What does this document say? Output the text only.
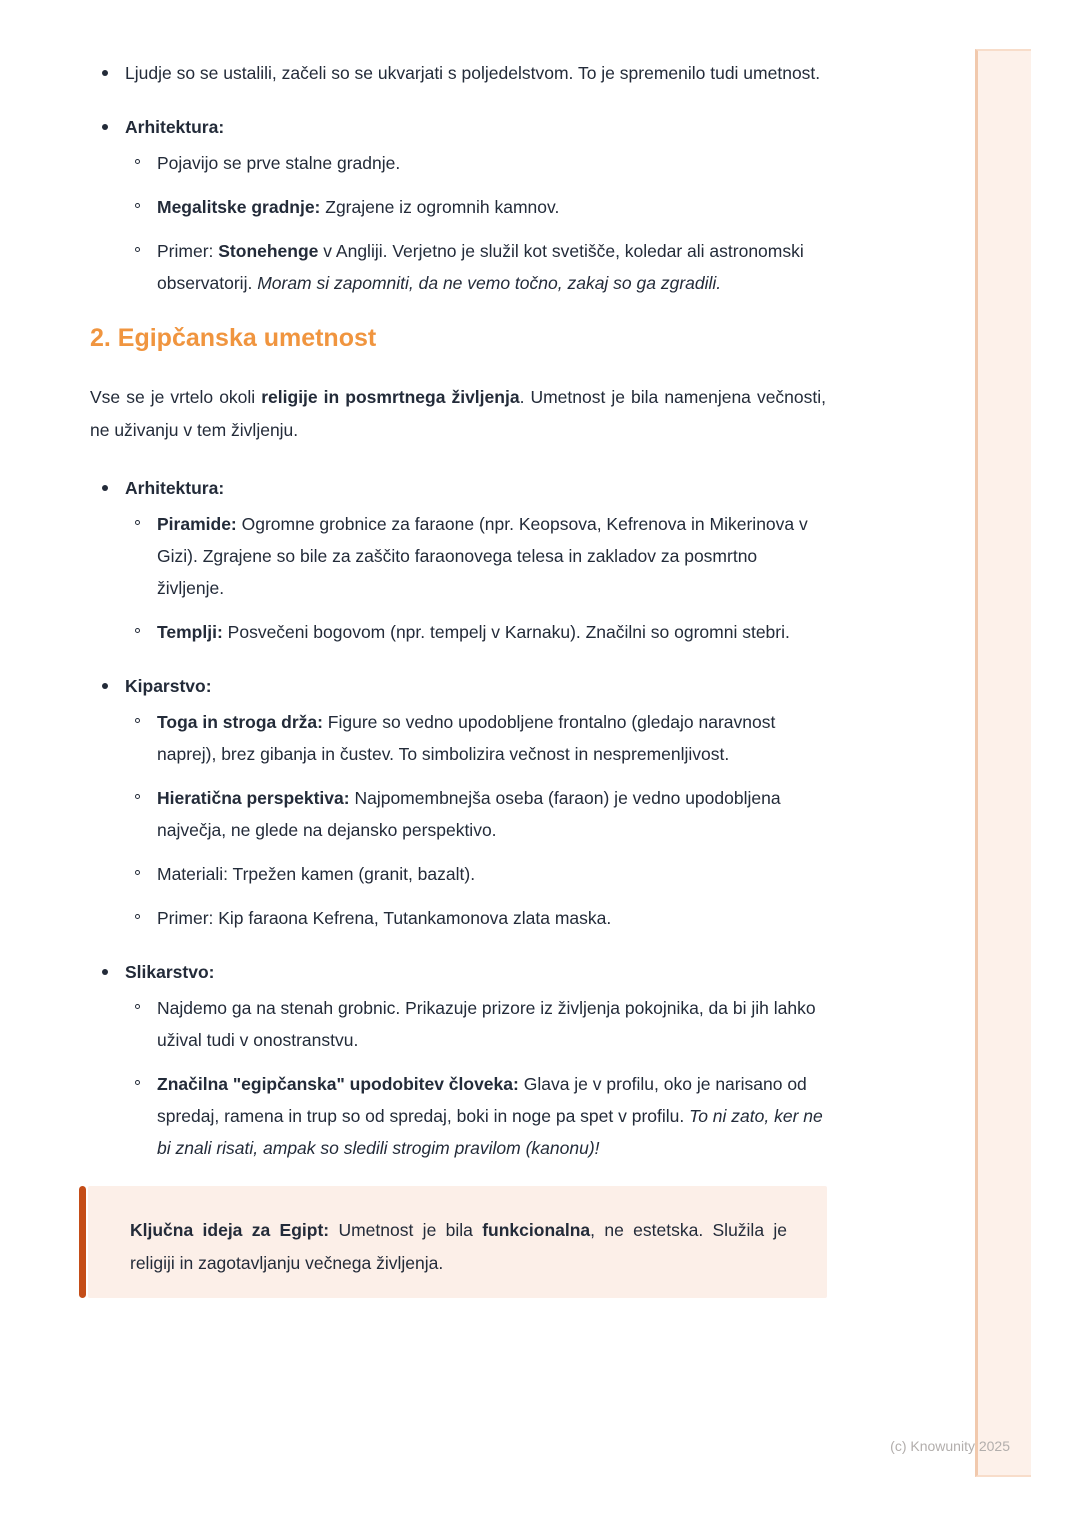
Ljudje so se ustalili, začeli so se ukvarjati s poljedelstvom. To je spremenilo tudi umetnost.
Arhitektura:
Pojavijo se prve stalne gradnje.
Megalitske gradnje: Zgrajene iz ogromnih kamnov.
Primer: Stonehenge v Angliji. Verjetno je služil kot svetišče, koledar ali astronomski observatorij. Moram si zapomniti, da ne vemo točno, zakaj so ga zgradili.
2. Egipčanska umetnost

Vse se je vrtelo okoli religije in posmrtnega življenja. Umetnost je bila namenjena večnosti, ne uživanju v tem življenju.

Arhitektura:
Piramide: Ogromne grobnice za faraone (npr. Keopsova, Kefrenova in Mikerinova v Gizi). Zgrajene so bile za zaščito faraonovega telesa in zakladov za posmrtno življenje.
Templji: Posvečeni bogovom (npr. tempelj v Karnaku). Značilni so ogromni stebri.
Kiparstvo:
Toga in stroga drža: Figure so vedno upodobljene frontalno (gledajo naravnost naprej), brez gibanja in čustev. To simbolizira večnost in nespremenljivost.
Hieratična perspektiva: Najpomembnejša oseba (faraon) je vedno upodobljena največja, ne glede na dejansko perspektivo.
Materiali: Trpežen kamen (granit, bazalt).
Primer: Kip faraona Kefrena, Tutankamonova zlata maska.
Slikarstvo:
Najdemo ga na stenah grobnic. Prikazuje prizore iz življenja pokojnika, da bi jih lahko užival tudi v onostranstvu.
Značilna "egipčanska" upodobitev človeka: Glava je v profilu, oko je narisano od spredaj, ramena in trup so od spredaj, boki in noge pa spet v profilu. To ni zato, ker ne bi znali risati, ampak so sledili strogim pravilom (kanonu)!

Ključna ideja za Egipt: Umetnost je bila funkcionalna, ne estetska. Služila je religiji in zagotavljanju večnega življenja.

(c) Knowunity 2025
